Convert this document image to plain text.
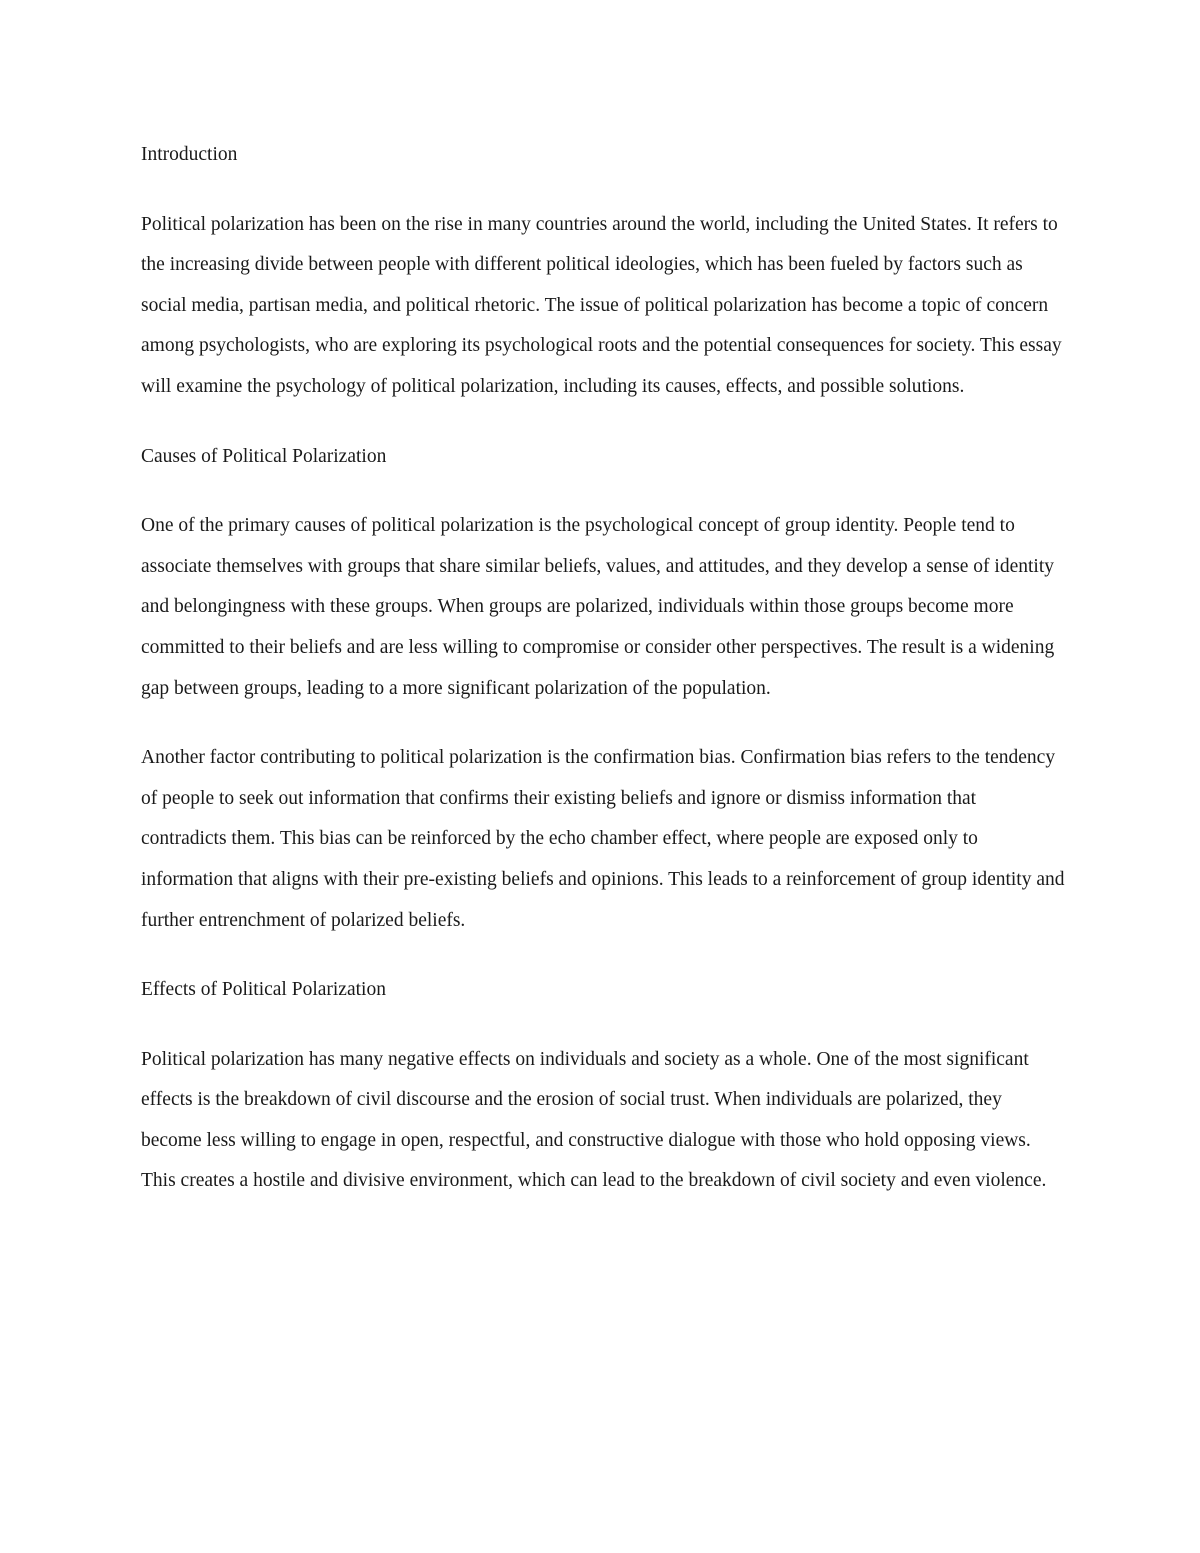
Introduction

Political polarization has been on the rise in many countries around the world, including the United States. It refers to the increasing divide between people with different political ideologies, which has been fueled by factors such as social media, partisan media, and political rhetoric. The issue of political polarization has become a topic of concern among psychologists, who are exploring its psychological roots and the potential consequences for society. This essay will examine the psychology of political polarization, including its causes, effects, and possible solutions.

Causes of Political Polarization

One of the primary causes of political polarization is the psychological concept of group identity. People tend to associate themselves with groups that share similar beliefs, values, and attitudes, and they develop a sense of identity and belongingness with these groups. When groups are polarized, individuals within those groups become more committed to their beliefs and are less willing to compromise or consider other perspectives. The result is a widening gap between groups, leading to a more significant polarization of the population.

Another factor contributing to political polarization is the confirmation bias. Confirmation bias refers to the tendency of people to seek out information that confirms their existing beliefs and ignore or dismiss information that contradicts them. This bias can be reinforced by the echo chamber effect, where people are exposed only to information that aligns with their pre-existing beliefs and opinions. This leads to a reinforcement of group identity and further entrenchment of polarized beliefs.

Effects of Political Polarization

Political polarization has many negative effects on individuals and society as a whole. One of the most significant effects is the breakdown of civil discourse and the erosion of social trust. When individuals are polarized, they become less willing to engage in open, respectful, and constructive dialogue with those who hold opposing views. This creates a hostile and divisive environment, which can lead to the breakdown of civil society and even violence.
